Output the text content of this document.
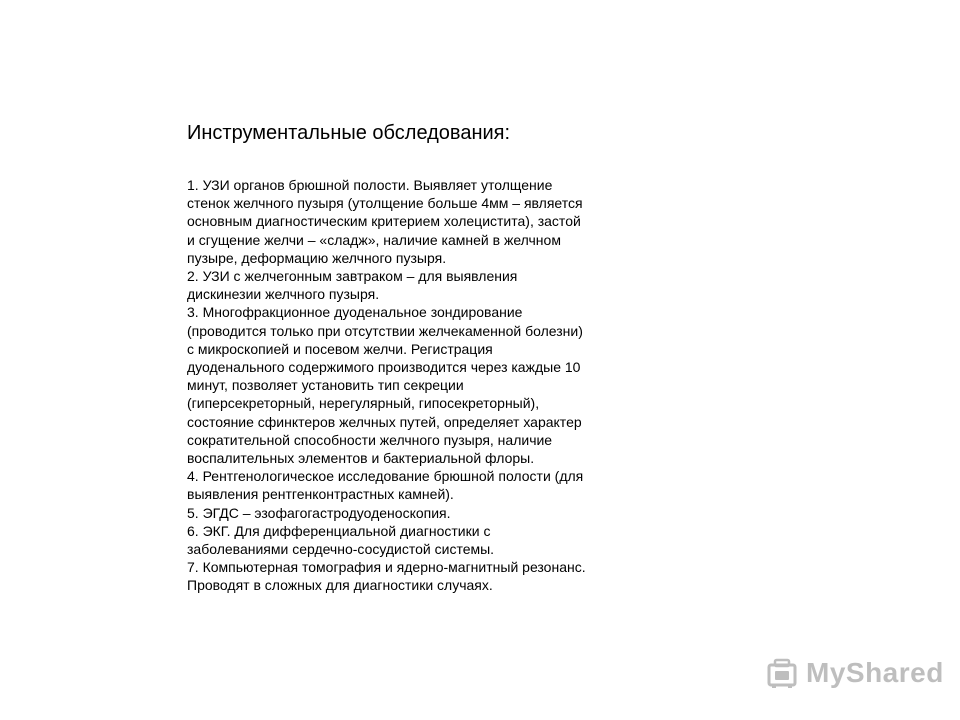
Инструментальные обследования:
1. УЗИ органов брюшной полости. Выявляет утолщение
стенок желчного пузыря (утолщение больше 4мм – является
основным диагностическим критерием холецистита), застой
и сгущение желчи – «сладж», наличие камней в желчном
пузыре, деформацию желчного пузыря.
2. УЗИ с желчегонным завтраком – для выявления
дискинезии желчного пузыря.
3. Многофракционное дуоденальное зондирование
(проводится только при отсутствии желчекаменной болезни)
с микроскопией и посевом желчи. Регистрация
дуоденального содержимого производится через каждые 10
минут, позволяет установить тип секреции
(гиперсекреторный, нерегулярный, гипосекреторный),
состояние сфинктеров желчных путей, определяет характер
сократительной способности желчного пузыря, наличие
воспалительных элементов и бактериальной флоры.
4. Рентгенологическое исследование брюшной полости (для
выявления рентгенконтрастных камней).
5. ЭГДС – эзофагогастродуоденоскопия.
6. ЭКГ. Для дифференциальной диагностики с
заболеваниями сердечно-сосудистой системы.
7. Компьютерная томография и ядерно-магнитный резонанс.
Проводят в сложных для диагностики случаях.
MyShared
